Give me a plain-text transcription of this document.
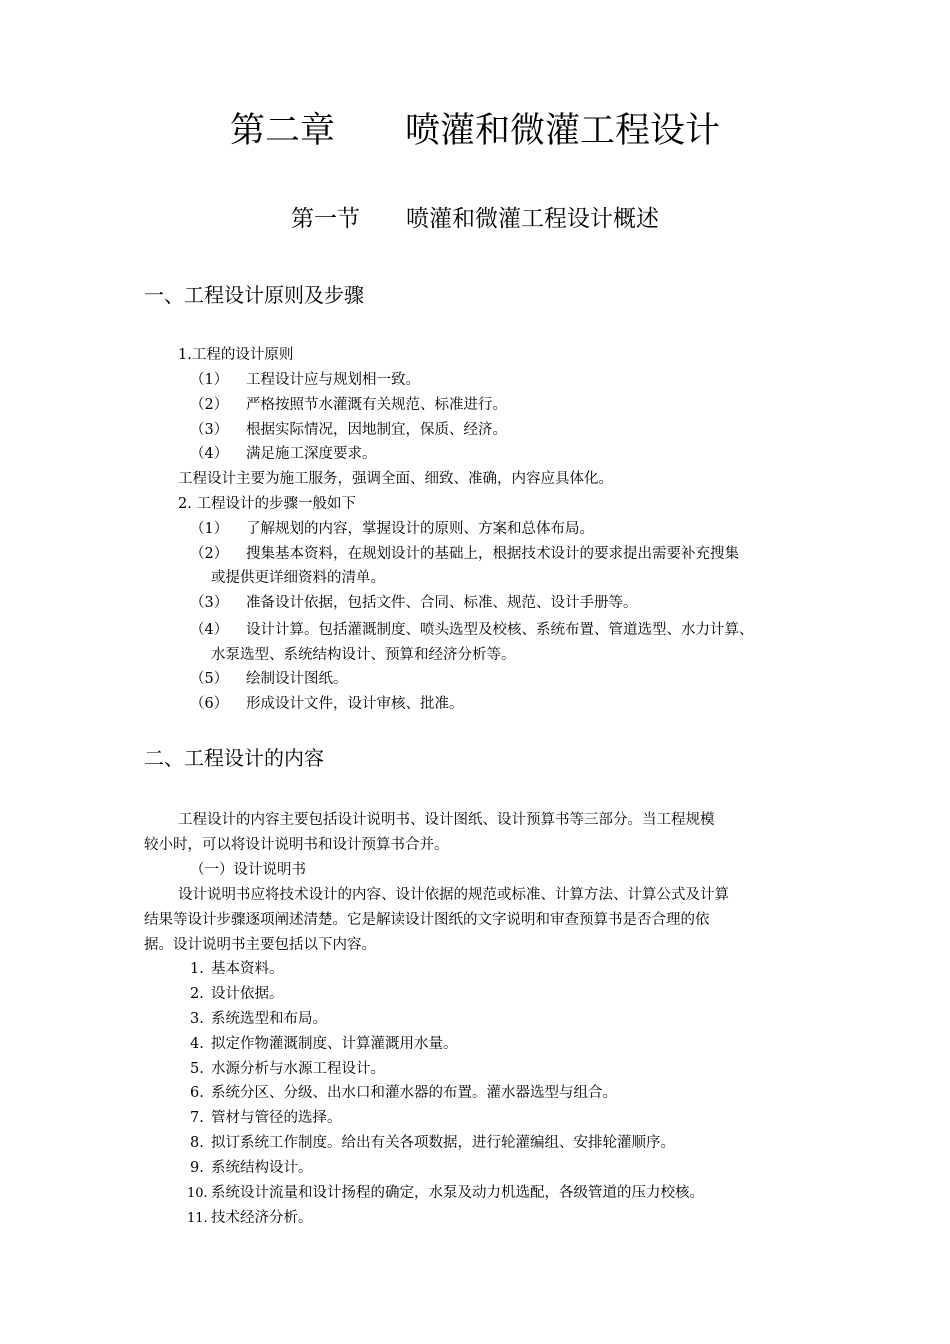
第二章　　喷灌和微灌工程设计
第一节　　喷灌和微灌工程设计概述
一、工程设计原则及步骤
1.工程的设计原则
（1） 工程设计应与规划相一致。
（2） 严格按照节水灌溉有关规范、标准进行。
（3） 根据实际情况，因地制宜，保质、经济。
（4） 满足施工深度要求。
工程设计主要为施工服务，强调全面、细致、准确，内容应具体化。
2. 工程设计的步骤一般如下
（1） 了解规划的内容，掌握设计的原则、方案和总体布局。
（2） 搜集基本资料，在规划设计的基础上，根据技术设计的要求提出需要补充搜集
或提供更详细资料的清单。
（3） 准备设计依据，包括文件、合同、标准、规范、设计手册等。
（4） 设计计算。包括灌溉制度、喷头选型及校核、系统布置、管道选型、水力计算、
水泵选型、系统结构设计、预算和经济分析等。
（5） 绘制设计图纸。
（6） 形成设计文件，设计审核、批准。
二、工程设计的内容
工程设计的内容主要包括设计说明书、设计图纸、设计预算书等三部分。当工程规模
较小时，可以将设计说明书和设计预算书合并。
（一）设计说明书
设计说明书应将技术设计的内容、设计依据的规范或标准、计算方法、计算公式及计算
结果等设计步骤逐项阐述清楚。它是解读设计图纸的文字说明和审查预算书是否合理的依
据。设计说明书主要包括以下内容。
1. 基本资料。
2. 设计依据。
3. 系统选型和布局。
4. 拟定作物灌溉制度、计算灌溉用水量。
5. 水源分析与水源工程设计。
6. 系统分区、分级、出水口和灌水器的布置。灌水器选型与组合。
7. 管材与管径的选择。
8. 拟订系统工作制度。给出有关各项数据，进行轮灌编组、安排轮灌顺序。
9. 系统结构设计。
10. 系统设计流量和设计扬程的确定，水泵及动力机选配，各级管道的压力校核。
11. 技术经济分析。
